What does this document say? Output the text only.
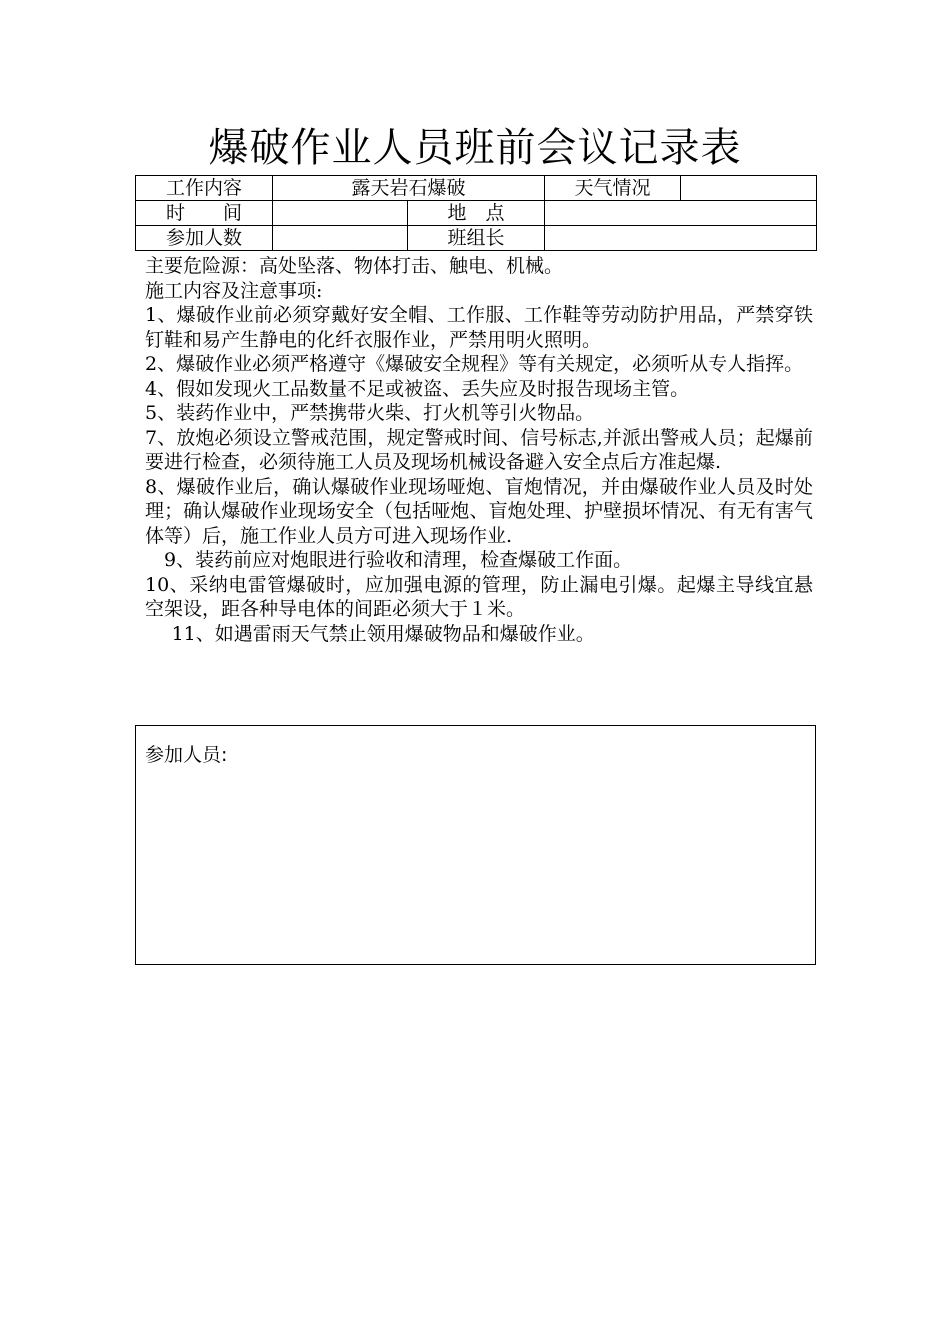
爆破作业人员班前会议记录表
工作内容	露天岩石爆破		天气情况	
时　　间		地　点		
参加人数		班组长		

主要危险源：高处坠落、物体打击、触电、机械。

施工内容及注意事项:

1、爆破作业前必须穿戴好安全帽、工作服、工作鞋等劳动防护用品，严禁穿铁钉鞋和易产生静电的化纤衣服作业，严禁用明火照明。

2、爆破作业必须严格遵守《爆破安全规程》等有关规定，必须听从专人指挥。

4、假如发现火工品数量不足或被盗、丢失应及时报告现场主管。

5、装药作业中，严禁携带火柴、打火机等引火物品。

7、放炮必须设立警戒范围，规定警戒时间、信号标志,并派出警戒人员；起爆前要进行检查，必须待施工人员及现场机械设备避入安全点后方准起爆.

8、爆破作业后，确认爆破作业现场哑炮、盲炮情况，并由爆破作业人员及时处理；确认爆破作业现场安全（包括哑炮、盲炮处理、护壁损坏情况、有无有害气体等）后，施工作业人员方可进入现场作业.

9、装药前应对炮眼进行验收和清理，检查爆破工作面。

10、采纳电雷管爆破时，应加强电源的管理，防止漏电引爆。起爆主导线宜悬空架设，距各种导电体的间距必须大于１米。

11、如遇雷雨天气禁止领用爆破物品和爆破作业。

参加人员:
